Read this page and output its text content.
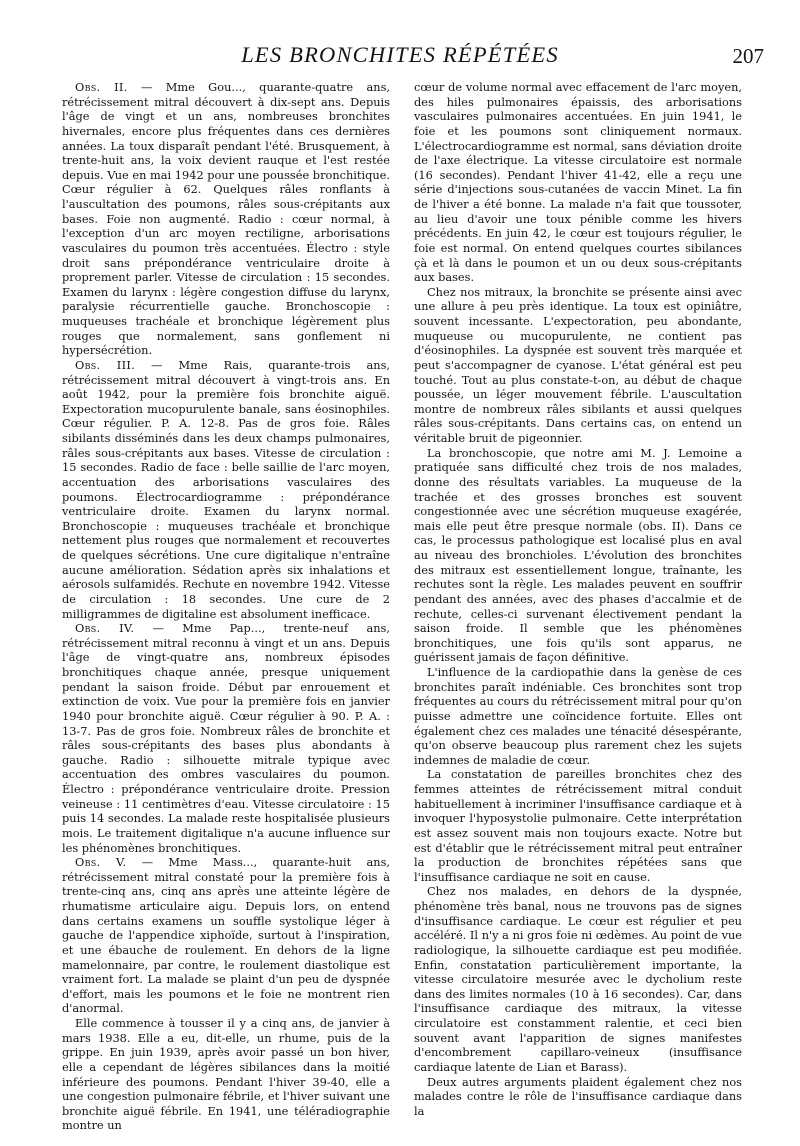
LES BRONCHITES RÉPÉTÉES	207

Obs. II. — Mme Gou..., quarante-quatre ans, rétrécissement mitral découvert à dix-sept ans. Depuis l'âge de vingt et un ans, nombreuses bronchites hivernales, encore plus fréquentes dans ces dernières années. La toux disparaît pendant l'été. Brusquement, à trente-huit ans, la voix devient rauque et l'est restée depuis. Vue en mai 1942 pour une poussée bronchitique. Cœur régulier à 62. Quelques râles ronflants à l'auscultation des poumons, râles sous-crépitants aux bases. Foie non augmenté. Radio : cœur normal, à l'exception d'un arc moyen rectiligne, arborisations vasculaires du poumon très accentuées. Électro : style droit sans prépondérance ventriculaire droite à proprement parler. Vitesse de circulation : 15 secondes. Examen du larynx : légère congestion diffuse du larynx, paralysie récurrentielle gauche. Bronchoscopie : muqueuses trachéale et bronchique légèrement plus rouges que normalement, sans gonflement ni hypersécrétion.

Obs. III. — Mme Rais, quarante-trois ans, rétrécissement mitral découvert à vingt-trois ans. En août 1942, pour la première fois bronchite aiguë. Expectoration mucopurulente banale, sans éosinophiles. Cœur régulier. P. A. 12-8. Pas de gros foie. Râles sibilants disséminés dans les deux champs pulmonaires, râles sous-crépitants aux bases. Vitesse de circulation : 15 secondes. Radio de face : belle saillie de l'arc moyen, accentuation des arborisations vasculaires des poumons. Électrocardiogramme : prépondérance ventriculaire droite. Examen du larynx normal. Bronchoscopie : muqueuses trachéale et bronchique nettement plus rouges que normalement et recouvertes de quelques sécrétions. Une cure digitalique n'entraîne aucune amélioration. Sédation après six inhalations et aérosols sulfamidés. Rechute en novembre 1942. Vitesse de circulation : 18 secondes. Une cure de 2 milligrammes de digitaline est absolument inefficace.

Obs. IV. — Mme Pap..., trente-neuf ans, rétrécissement mitral reconnu à vingt et un ans. Depuis l'âge de vingt-quatre ans, nombreux épisodes bronchitiques chaque année, presque uniquement pendant la saison froide. Début par enrouement et extinction de voix. Vue pour la première fois en janvier 1940 pour bronchite aiguë. Cœur régulier à 90. P. A. : 13-7. Pas de gros foie. Nombreux râles de bronchite et râles sous-crépitants des bases plus abondants à gauche. Radio : silhouette mitrale typique avec accentuation des ombres vasculaires du poumon. Électro : prépondérance ventriculaire droite. Pression veineuse : 11 centimètres d'eau. Vitesse circulatoire : 15 puis 14 secondes. La malade reste hospitalisée plusieurs mois. Le traitement digitalique n'a aucune influence sur les phénomènes bronchitiques.

Obs. V. — Mme Mass..., quarante-huit ans, rétrécissement mitral constaté pour la première fois à trente-cinq ans, cinq ans après une atteinte légère de rhumatisme articulaire aigu. Depuis lors, on entend dans certains examens un souffle systolique léger à gauche de l'appendice xiphoïde, surtout à l'inspiration, et une ébauche de roulement. En dehors de la ligne mamelonnaire, par contre, le roulement diastolique est vraiment fort. La malade se plaint d'un peu de dyspnée d'effort, mais les poumons et le foie ne montrent rien d'anormal.

Elle commence à tousser il y a cinq ans, de janvier à mars 1938. Elle a eu, dit-elle, un rhume, puis de la grippe. En juin 1939, après avoir passé un bon hiver, elle a cependant de légères sibilances dans la moitié inférieure des poumons. Pendant l'hiver 39-40, elle a une congestion pulmonaire fébrile, et l'hiver suivant une bronchite aiguë fébrile. En 1941, une téléradiographie montre un

cœur de volume normal avec effacement de l'arc moyen, des hiles pulmonaires épaissis, des arborisations vasculaires pulmonaires accentuées. En juin 1941, le foie et les poumons sont cliniquement normaux. L'électrocardiogramme est normal, sans déviation droite de l'axe électrique. La vitesse circulatoire est normale (16 secondes). Pendant l'hiver 41-42, elle a reçu une série d'injections sous-cutanées de vaccin Minet. La fin de l'hiver a été bonne. La malade n'a fait que toussoter, au lieu d'avoir une toux pénible comme les hivers précédents. En juin 42, le cœur est toujours régulier, le foie est normal. On entend quelques courtes sibilances çà et là dans le poumon et un ou deux sous-crépitants aux bases.

Chez nos mitraux, la bronchite se présente ainsi avec une allure à peu près identique. La toux est opiniâtre, souvent incessante. L'expectoration, peu abondante, muqueuse ou mucopurulente, ne contient pas d'éosinophiles. La dyspnée est souvent très marquée et peut s'accompagner de cyanose. L'état général est peu touché. Tout au plus constate-t-on, au début de chaque poussée, un léger mouvement fébrile. L'auscultation montre de nombreux râles sibilants et aussi quelques râles sous-crépitants. Dans certains cas, on entend un véritable bruit de pigeonnier.

La bronchoscopie, que notre ami M. J. Lemoine a pratiquée sans difficulté chez trois de nos malades, donne des résultats variables. La muqueuse de la trachée et des grosses bronches est souvent congestionnée avec une sécrétion muqueuse exagérée, mais elle peut être presque normale (obs. II). Dans ce cas, le processus pathologique est localisé plus en aval au niveau des bronchioles. L'évolution des bronchites des mitraux est essentiellement longue, traînante, les rechutes sont la règle. Les malades peuvent en souffrir pendant des années, avec des phases d'accalmie et de rechute, celles-ci survenant électivement pendant la saison froide. Il semble que les phénomènes bronchitiques, une fois qu'ils sont apparus, ne guérissent jamais de façon définitive.

L'influence de la cardiopathie dans la genèse de ces bronchites paraît indéniable. Ces bronchites sont trop fréquentes au cours du rétrécissement mitral pour qu'on puisse admettre une coïncidence fortuite. Elles ont également chez ces malades une ténacité désespérante, qu'on observe beaucoup plus rarement chez les sujets indemnes de maladie de cœur.

La constatation de pareilles bronchites chez des femmes atteintes de rétrécissement mitral conduit habituellement à incriminer l'insuffisance cardiaque et à invoquer l'hyposystolie pulmonaire. Cette interprétation est assez souvent mais non toujours exacte. Notre but est d'établir que le rétrécissement mitral peut entraîner la production de bronchites répétées sans que l'insuffisance cardiaque ne soit en cause.

Chez nos malades, en dehors de la dyspnée, phénomène très banal, nous ne trouvons pas de signes d'insuffisance cardiaque. Le cœur est régulier et peu accéléré. Il n'y a ni gros foie ni œdèmes. Au point de vue radiologique, la silhouette cardiaque est peu modifiée. Enfin, constatation particulièrement importante, la vitesse circulatoire mesurée avec le dycholium reste dans des limites normales (10 à 16 secondes). Car, dans l'insuffisance cardiaque des mitraux, la vitesse circulatoire est constamment ralentie, et ceci bien souvent avant l'apparition de signes manifestes d'encombrement capillaro-veineux (insuffisance cardiaque latente de Lian et Barass).

Deux autres arguments plaident également chez nos malades contre le rôle de l'insuffisance cardiaque dans la
